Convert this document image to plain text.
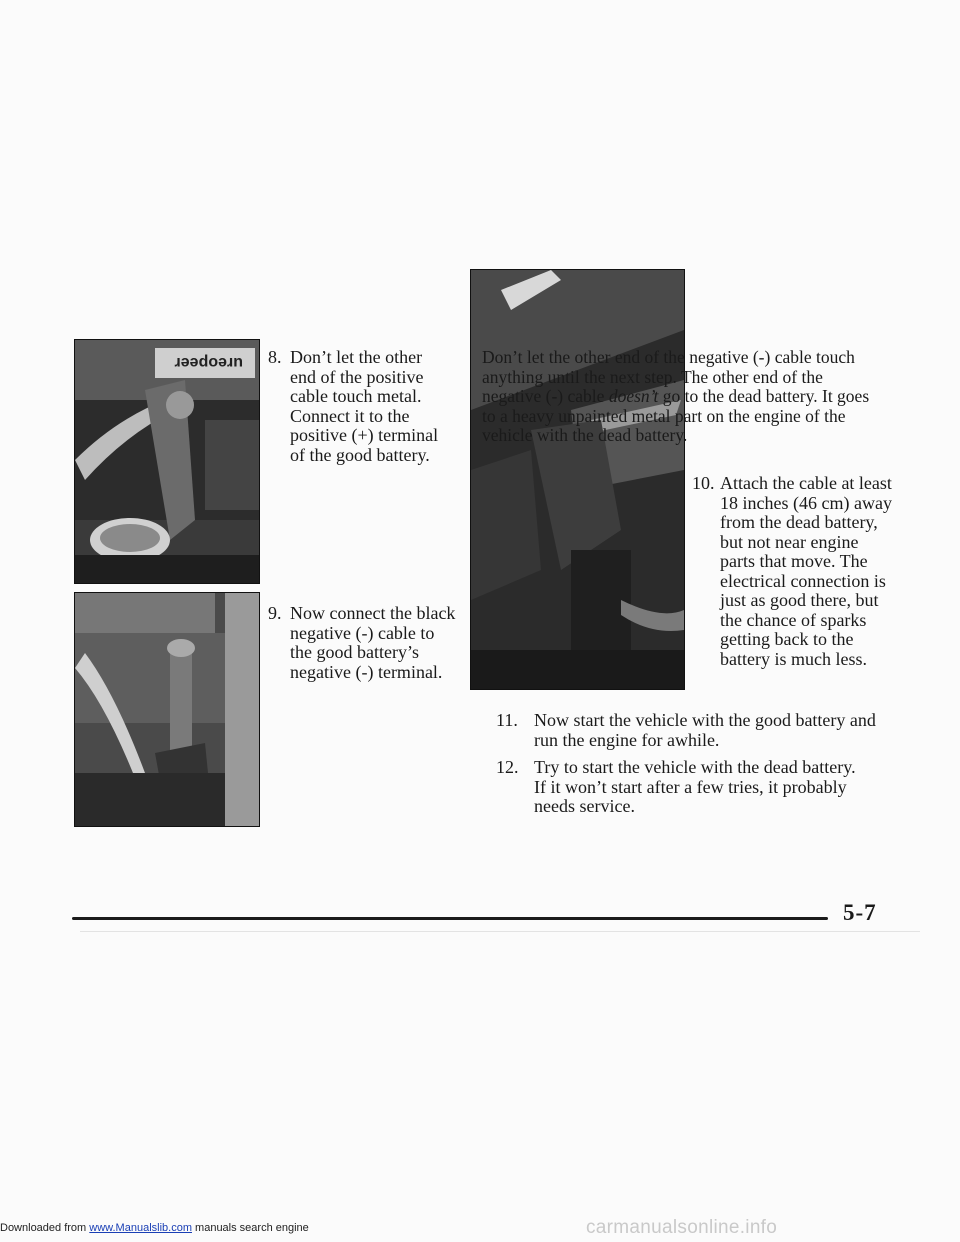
ureopeer 8. Don’t let the other
end of the positive
cable touch metal.
Connect it to the
positive (+) terminal
of the good battery.
9. Now connect the black
negative (-) cable to
the good battery’s
negative (-) terminal.
Don’t let the other end of the negative (-) cable touch
anything until the next step. The other end of the
negative (-) cable doesn’t go to the dead battery. It goes
to a heavy unpainted metal part on the engine of the
vehicle with the dead battery.
10. Attach the cable at least
18 inches (46 cm) away
from the dead battery,
but not near engine
parts that move. The
electrical connection is
just as good there, but
the chance of sparks
getting back to the
battery is much less.
11. Now start the vehicle with the good battery and
run the engine for awhile.
12. Try to start the vehicle with the dead battery.
If it won’t start after a few tries, it probably
needs service.
5-7
Downloaded from www.Manualslib.com manuals search engine	carmanualsonline.info
